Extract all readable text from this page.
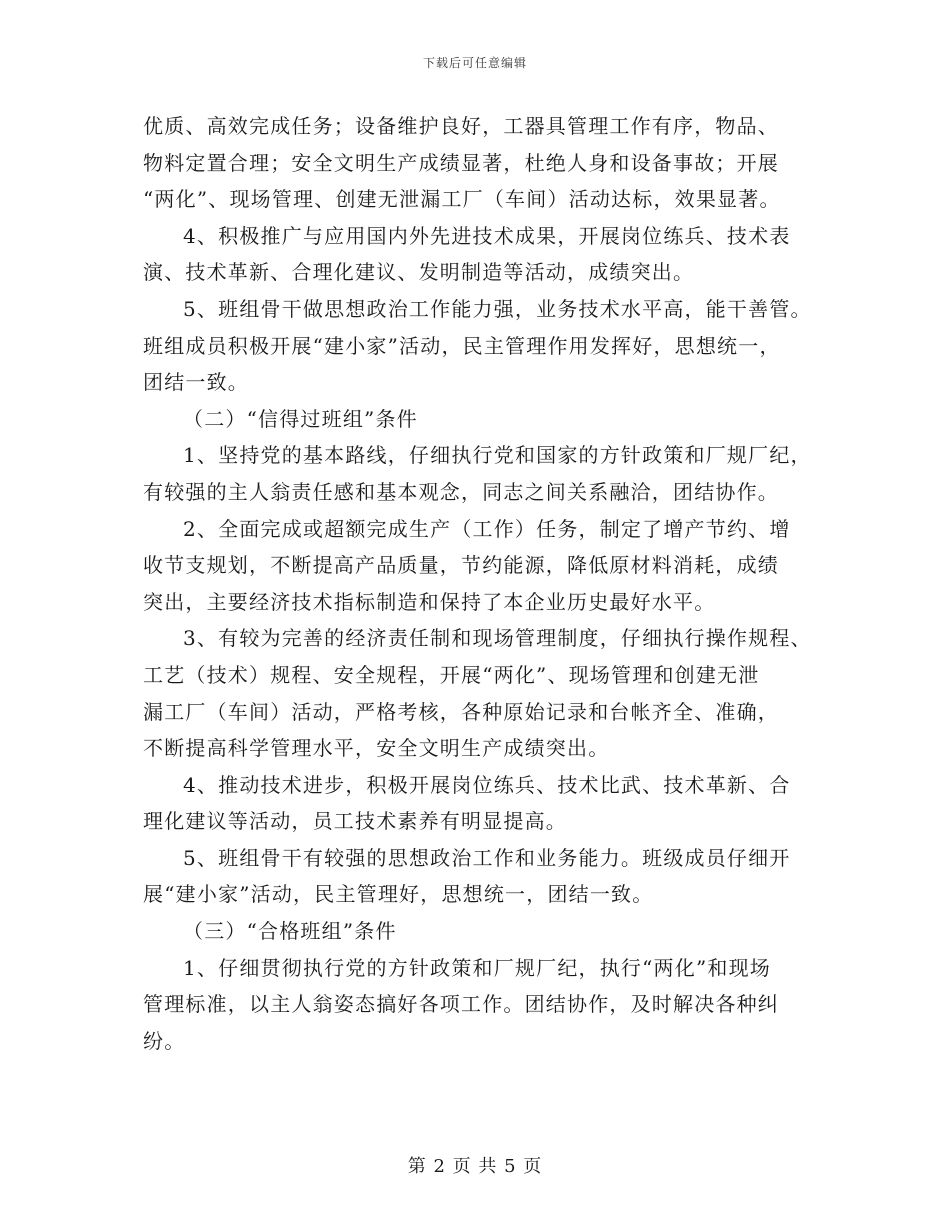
下载后可任意编辑
优质、高效完成任务；设备维护良好，工器具管理工作有序，物品、
物料定置合理；安全文明生产成绩显著，杜绝人身和设备事故；开展
“两化”、现场管理、创建无泄漏工厂（车间）活动达标，效果显著。
4、积极推广与应用国内外先进技术成果，开展岗位练兵、技术表
演、技术革新、合理化建议、发明制造等活动，成绩突出。
5、班组骨干做思想政治工作能力强，业务技术水平高，能干善管。
班组成员积极开展“建小家”活动，民主管理作用发挥好，思想统一，
团结一致。
（二）“信得过班组”条件
1、坚持党的基本路线，仔细执行党和国家的方针政策和厂规厂纪，
有较强的主人翁责任感和基本观念，同志之间关系融洽，团结协作。
2、全面完成或超额完成生产（工作）任务，制定了增产节约、增
收节支规划，不断提高产品质量，节约能源，降低原材料消耗，成绩
突出，主要经济技术指标制造和保持了本企业历史最好水平。
3、有较为完善的经济责任制和现场管理制度，仔细执行操作规程、
工艺（技术）规程、安全规程，开展“两化”、现场管理和创建无泄
漏工厂（车间）活动，严格考核，各种原始记录和台帐齐全、准确，
不断提高科学管理水平，安全文明生产成绩突出。
4、推动技术进步，积极开展岗位练兵、技术比武、技术革新、合
理化建议等活动，员工技术素养有明显提高。
5、班组骨干有较强的思想政治工作和业务能力。班级成员仔细开
展“建小家”活动，民主管理好，思想统一，团结一致。
（三）“合格班组”条件
1、仔细贯彻执行党的方针政策和厂规厂纪，执行“两化”和现场
管理标准，以主人翁姿态搞好各项工作。团结协作，及时解决各种纠
纷。
第 2 页 共 5 页
